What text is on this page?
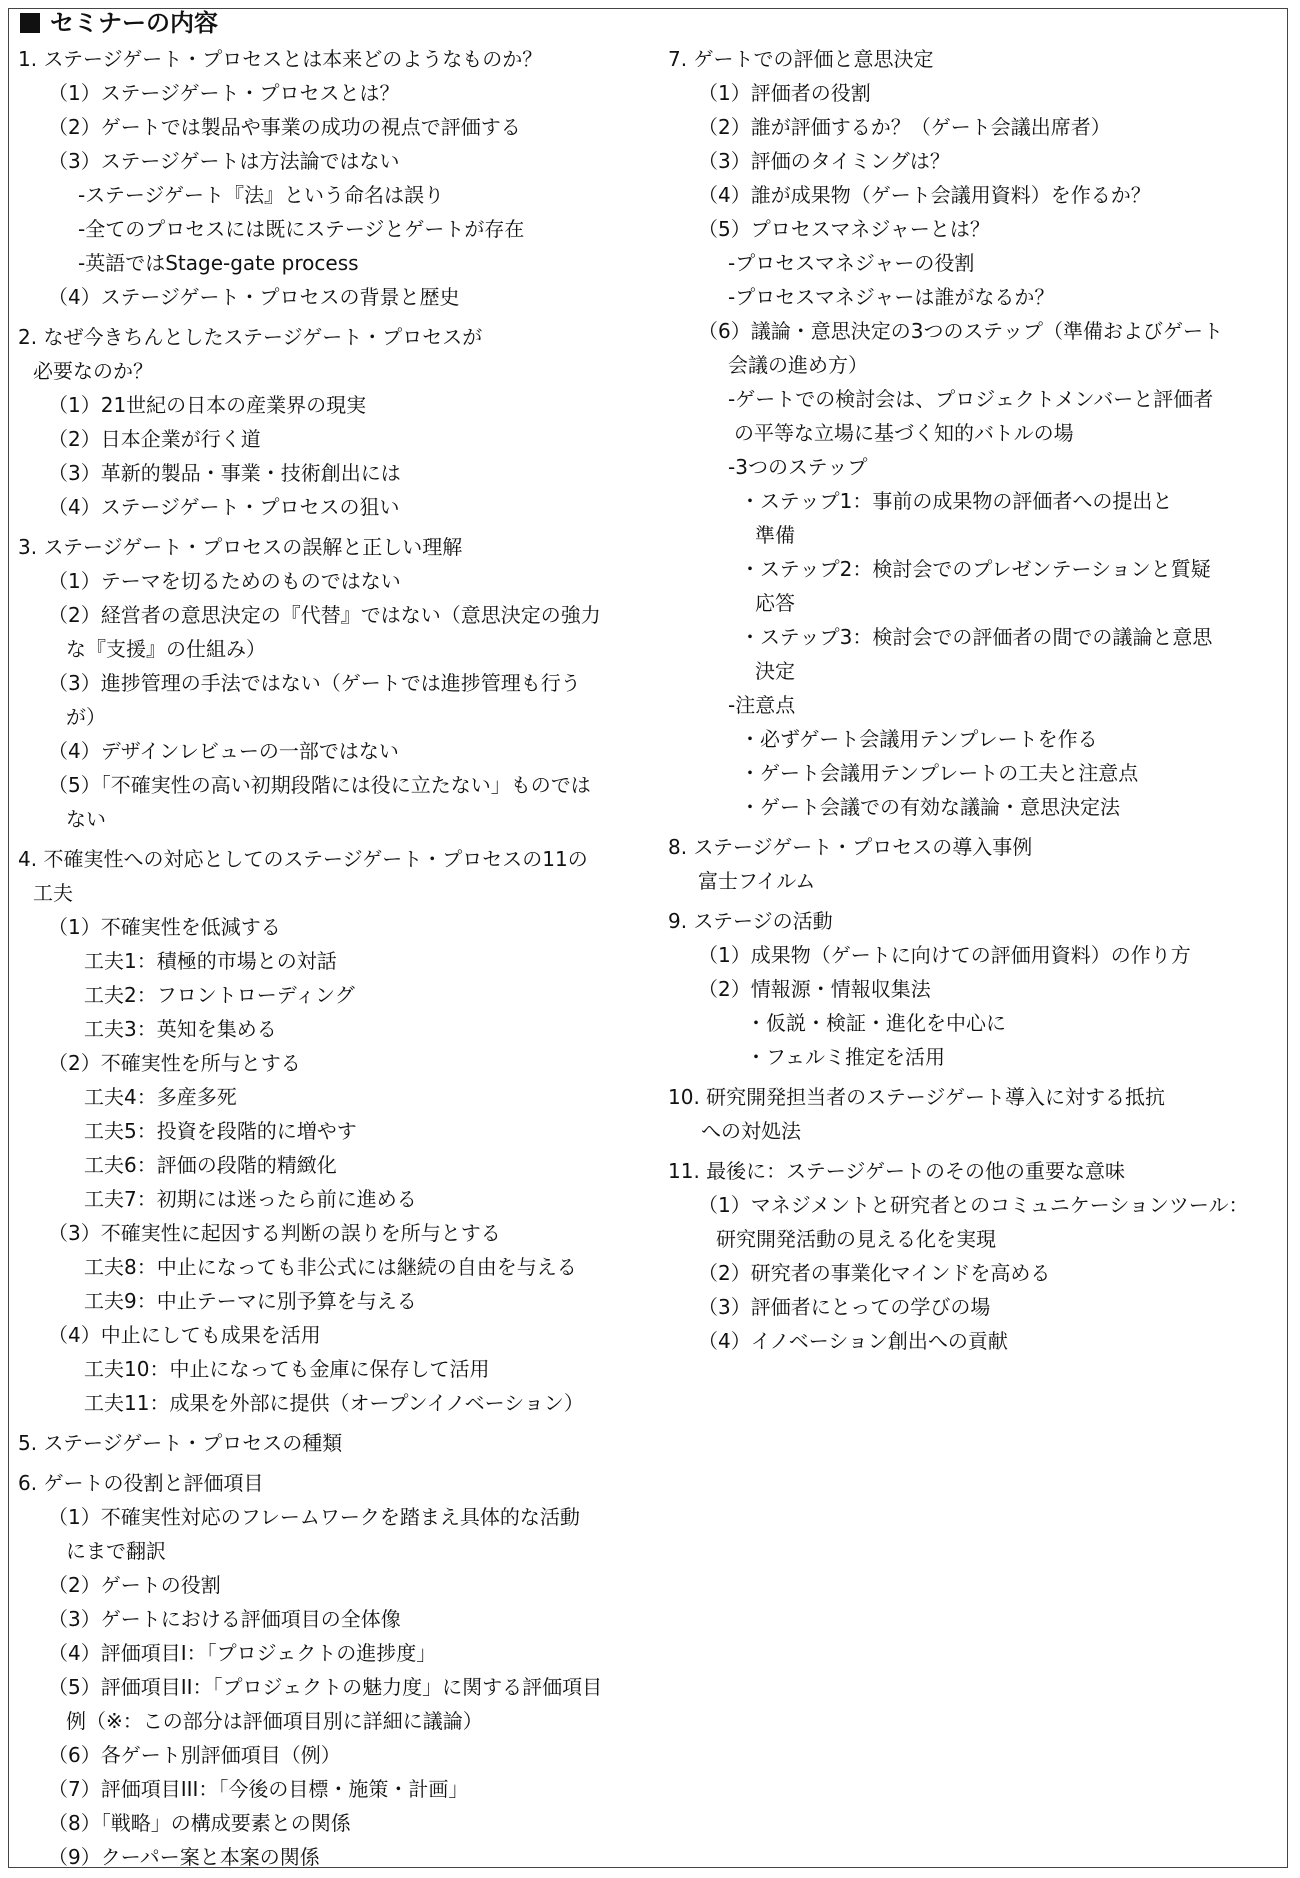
セミナーの内容
1. ステージゲート・プロセスとは本来どのようなものか？
（1）ステージゲート・プロセスとは？
（2）ゲートでは製品や事業の成功の視点で評価する
（3）ステージゲートは方法論ではない
-ステージゲート『法』という命名は誤り
-全てのプロセスには既にステージとゲートが存在
-英語ではStage-gate process
（4）ステージゲート・プロセスの背景と歴史
2. なぜ今きちんとしたステージゲート・プロセスが
必要なのか？
（1）21世紀の日本の産業界の現実
（2）日本企業が行く道
（3）革新的製品・事業・技術創出には
（4）ステージゲート・プロセスの狙い
3. ステージゲート・プロセスの誤解と正しい理解
（1）テーマを切るためのものではない
（2）経営者の意思決定の『代替』ではない（意思決定の強力
な『支援』の仕組み）
（3）進捗管理の手法ではない（ゲートでは進捗管理も行う
が）
（4）デザインレビューの一部ではない
（5）「不確実性の高い初期段階には役に立たない」ものでは
ない
4. 不確実性への対応としてのステージゲート・プロセスの11の
工夫
（1）不確実性を低減する
工夫1：積極的市場との対話
工夫2：フロントローディング
工夫3：英知を集める
（2）不確実性を所与とする
工夫4：多産多死
工夫5：投資を段階的に増やす
工夫6：評価の段階的精緻化
工夫7：初期には迷ったら前に進める
（3）不確実性に起因する判断の誤りを所与とする
工夫8：中止になっても非公式には継続の自由を与える
工夫9：中止テーマに別予算を与える
（4）中止にしても成果を活用
工夫10：中止になっても金庫に保存して活用
工夫11：成果を外部に提供（オープンイノベーション）
5. ステージゲート・プロセスの種類
6. ゲートの役割と評価項目
（1）不確実性対応のフレームワークを踏まえ具体的な活動
にまで翻訳
（2）ゲートの役割
（3）ゲートにおける評価項目の全体像
（4）評価項目I：「プロジェクトの進捗度」
（5）評価項目II：「プロジェクトの魅力度」に関する評価項目
例（※：この部分は評価項目別に詳細に議論）
（6）各ゲート別評価項目（例）
（7）評価項目III：「今後の目標・施策・計画」
（8）「戦略」の構成要素との関係
（9）クーパー案と本案の関係
7. ゲートでの評価と意思決定
（1）評価者の役割
（2）誰が評価するか？（ゲート会議出席者）
（3）評価のタイミングは？
（4）誰が成果物（ゲート会議用資料）を作るか？
（5）プロセスマネジャーとは？
-プロセスマネジャーの役割
-プロセスマネジャーは誰がなるか？
（6）議論・意思決定の3つのステップ（準備およびゲート
会議の進め方）
-ゲートでの検討会は、プロジェクトメンバーと評価者
の平等な立場に基づく知的バトルの場
-3つのステップ
・ステップ1：事前の成果物の評価者への提出と
準備
・ステップ2：検討会でのプレゼンテーションと質疑
応答
・ステップ3：検討会での評価者の間での議論と意思
決定
-注意点
・必ずゲート会議用テンプレートを作る
・ゲート会議用テンプレートの工夫と注意点
・ゲート会議での有効な議論・意思決定法
8. ステージゲート・プロセスの導入事例
富士フイルム
9. ステージの活動
（1）成果物（ゲートに向けての評価用資料）の作り方
（2）情報源・情報収集法
・仮説・検証・進化を中心に
・フェルミ推定を活用
10. 研究開発担当者のステージゲート導入に対する抵抗
への対処法
11. 最後に：ステージゲートのその他の重要な意味
（1）マネジメントと研究者とのコミュニケーションツール：
研究開発活動の見える化を実現
（2）研究者の事業化マインドを高める
（3）評価者にとっての学びの場
（4）イノベーション創出への貢献
